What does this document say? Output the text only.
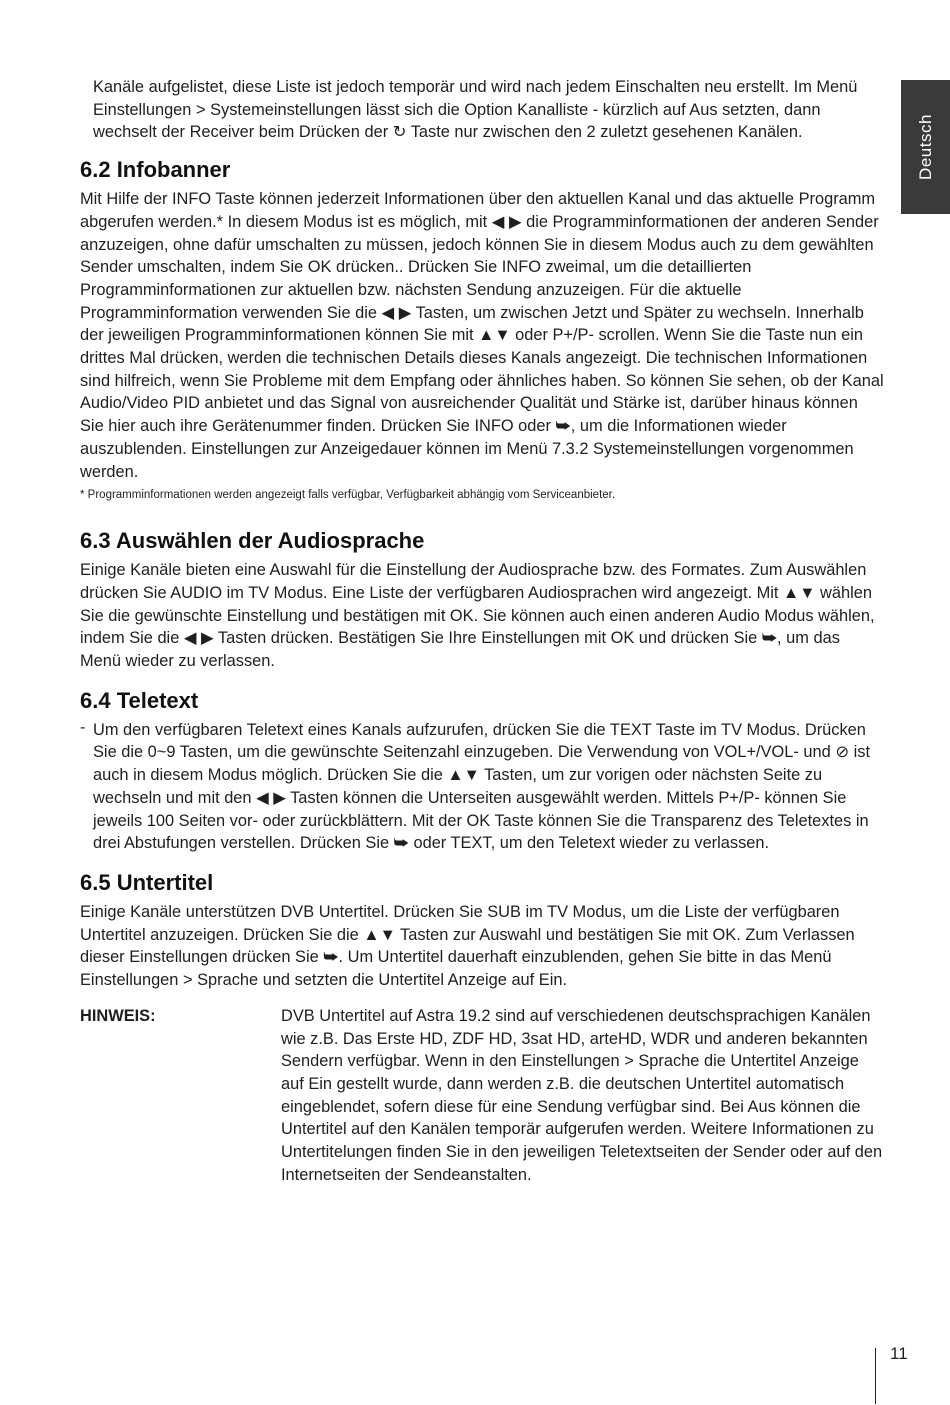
Deutsch

Kanäle aufgelistet, diese Liste ist jedoch temporär und wird nach jedem Einschalten neu erstellt. Im Menü Einstellungen > Systemeinstellungen lässt sich die Option Kanalliste - kürzlich auf Aus setzten, dann wechselt der Receiver beim Drücken der ↻ Taste nur zwischen den 2 zuletzt gesehenen Kanälen.

6.2 Infobanner

Mit Hilfe der INFO Taste können jederzeit Informationen über den aktuellen Kanal und das aktuelle Programm abgerufen werden.* In diesem Modus ist es möglich, mit ◀ ▶ die Programminformationen der anderen Sender anzuzeigen, ohne dafür umschalten zu müssen, jedoch können Sie in diesem Modus auch zu dem gewählten Sender umschalten, indem Sie OK drücken.. Drücken Sie INFO zweimal, um die detaillierten Programminformationen zur aktuellen bzw. nächsten Sendung anzuzeigen. Für die aktuelle Programminformation verwenden Sie die ◀ ▶ Tasten, um zwischen Jetzt und Später zu wechseln. Innerhalb der jeweiligen Programminformationen können Sie mit ▲▼ oder P+/P- scrollen. Wenn Sie die Taste nun ein drittes Mal drücken, werden die technischen Details dieses Kanals angezeigt. Die technischen Informationen sind hilfreich, wenn Sie Probleme mit dem Empfang oder ähnliches haben. So können Sie sehen, ob der Kanal Audio/Video PID anbietet und das Signal von ausreichender Qualität und Stärke ist, darüber hinaus können Sie hier auch ihre Gerätenummer finden. Drücken Sie INFO oder ⮩, um die Informationen wieder auszublenden. Einstellungen zur Anzeigedauer können im Menü 7.3.2 Systemeinstellungen vorgenommen werden.

* Programminformationen werden angezeigt falls verfügbar, Verfügbarkeit abhängig vom Serviceanbieter.

6.3 Auswählen der Audiosprache

Einige Kanäle bieten eine Auswahl für die Einstellung der Audiosprache bzw. des Formates. Zum Auswählen drücken Sie AUDIO im TV Modus. Eine Liste der verfügbaren Audiosprachen wird angezeigt. Mit ▲▼ wählen Sie die gewünschte Einstellung und bestätigen mit OK. Sie können auch einen anderen Audio Modus wählen, indem Sie die ◀ ▶ Tasten drücken. Bestätigen Sie Ihre Einstellungen mit OK und drücken Sie ⮩, um das Menü wieder zu verlassen.

6.4 Teletext
- Um den verfügbaren Teletext eines Kanals aufzurufen, drücken Sie die TEXT Taste im TV Modus. Drücken Sie die 0~9 Tasten, um die gewünschte Seitenzahl einzugeben. Die Verwendung von VOL+/VOL- und ⊘ ist auch in diesem Modus möglich. Drücken Sie die ▲▼ Tasten, um zur vorigen oder nächsten Seite zu wechseln und mit den ◀ ▶ Tasten können die Unterseiten ausgewählt werden. Mittels P+/P- können Sie jeweils 100 Seiten vor- oder zurückblättern. Mit der OK Taste können Sie die Transparenz des Teletextes in drei Abstufungen verstellen. Drücken Sie ⮩ oder TEXT, um den Teletext wieder zu verlassen.

6.5 Untertitel

Einige Kanäle unterstützen DVB Untertitel. Drücken Sie SUB im TV Modus, um die Liste der verfügbaren Untertitel anzuzeigen. Drücken Sie die ▲▼ Tasten zur Auswahl und bestätigen Sie mit OK. Zum Verlassen dieser Einstellungen drücken Sie ⮩. Um Untertitel dauerhaft einzublenden, gehen Sie bitte in das Menü Einstellungen > Sprache und setzten die Untertitel Anzeige auf Ein.

HINWEIS:	DVB Untertitel auf Astra 19.2 sind auf verschiedenen deutschsprachigen Kanälen wie z.B. Das Erste HD, ZDF HD, 3sat HD, arteHD, WDR und anderen bekannten Sendern verfügbar. Wenn in den Einstellungen > Sprache die Untertitel Anzeige auf Ein gestellt wurde, dann werden z.B. die deutschen Untertitel automatisch eingeblendet, sofern diese für eine Sendung verfügbar sind. Bei Aus können die Untertitel auf den Kanälen temporär aufgerufen werden. Weitere Informationen zu Untertitelungen finden Sie in den jeweiligen Teletextseiten der Sender oder auf den Internetseiten der Sendeanstalten.

11
